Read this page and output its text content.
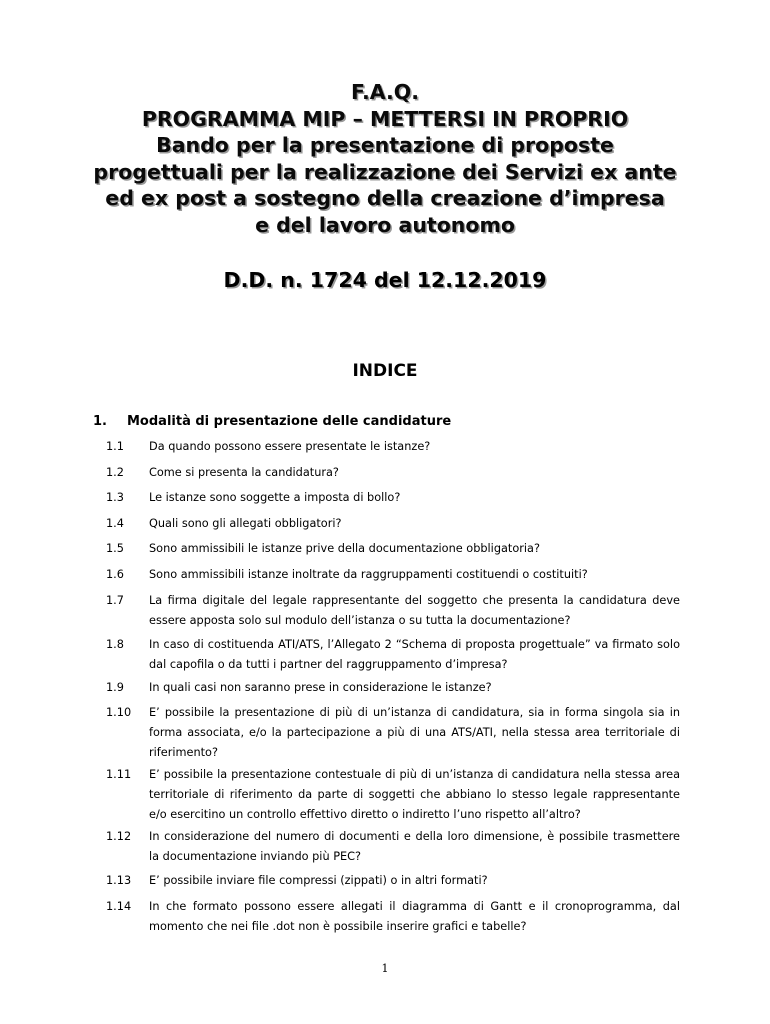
F.A.Q.
PROGRAMMA MIP – METTERSI IN PROPRIO
Bando per la presentazione di proposte
progettuali per la realizzazione dei Servizi ex ante
ed ex post a sostegno della creazione d’impresa
e del lavoro autonomo
D.D. n. 1724 del 12.12.2019
INDICE
1. Modalità di presentazione delle candidature
1.1	Da quando possono essere presentate le istanze?
1.2	Come si presenta la candidatura?
1.3	Le istanze sono soggette a imposta di bollo?
1.4	Quali sono gli allegati obbligatori?
1.5	Sono ammissibili le istanze prive della documentazione obbligatoria?
1.6	Sono ammissibili istanze inoltrate da raggruppamenti costituendi o costituiti?
1.7	La firma digitale del legale rappresentante del soggetto che presenta la candidatura deve essere apposta solo sul modulo dell’istanza o su tutta la documentazione?
1.8	In caso di costituenda ATI/ATS, l’Allegato 2 “Schema di proposta progettuale” va firmato solo dal capofila o da tutti i partner del raggruppamento d’impresa?
1.9	In quali casi non saranno prese in considerazione le istanze?
1.10	E’ possibile la presentazione di più di un’istanza di candidatura, sia in forma singola sia in forma associata, e/o la partecipazione a più di una ATS/ATI, nella stessa area territoriale di riferimento?
1.11	E’ possibile la presentazione contestuale di più di un’istanza di candidatura nella stessa area territoriale di riferimento da parte di soggetti che abbiano lo stesso legale rappresentante e/o esercitino un controllo effettivo diretto o indiretto l’uno rispetto all’altro?
1.12	In considerazione del numero di documenti e della loro dimensione, è possibile trasmettere la documentazione inviando più PEC?
1.13	E’ possibile inviare file compressi (zippati) o in altri formati?
1.14	In che formato possono essere allegati il diagramma di Gantt e il cronoprogramma, dal momento che nei file .dot non è possibile inserire grafici e tabelle?
1
